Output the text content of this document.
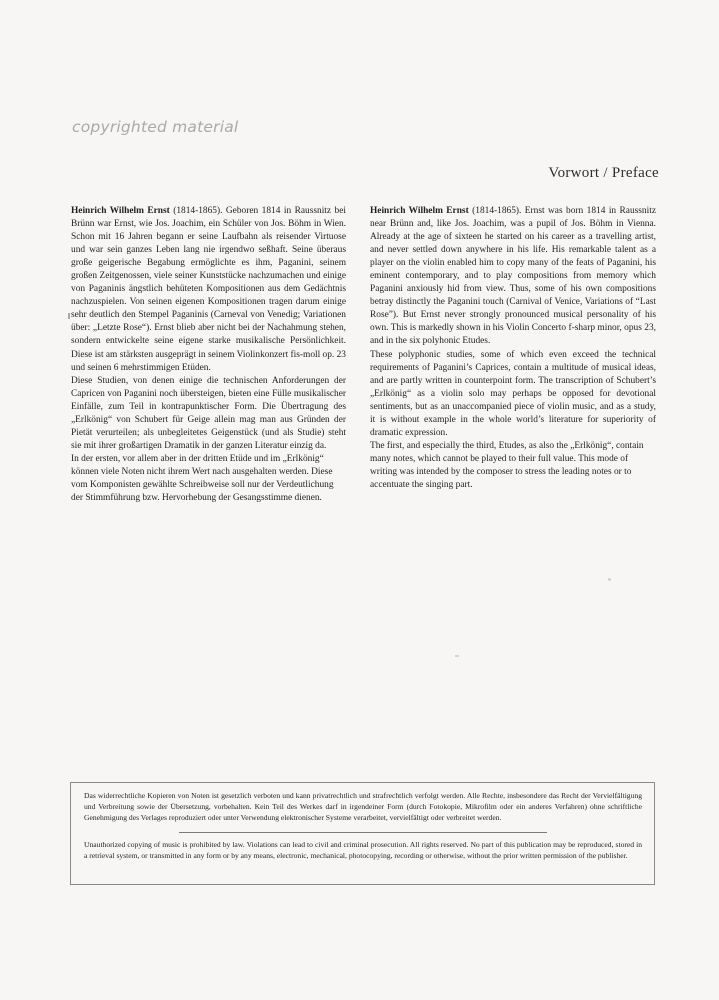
copyrighted material
Vorwort / Preface

Heinrich Wilhelm Ernst (1814-1865). Geboren 1814 in Raussnitz bei Brünn war Ernst, wie Jos. Joachim, ein Schüler von Jos. Böhm in Wien. Schon mit 16 Jahren begann er seine Laufbahn als reisender Virtuose und war sein ganzes Leben lang nie irgendwo seßhaft. Seine überaus große geigerische Begabung ermöglichte es ihm, Paganini, seinem großen Zeitgenossen, viele seiner Kunststücke nachzumachen und einige von Paganinis ängstlich behüteten Kompositionen aus dem Gedächtnis nachzuspielen. Von seinen eigenen Kompositionen tragen darum einige sehr deutlich den Stempel Paganinis (Carneval von Venedig; Variationen über: „Letzte Rose“). Ernst blieb aber nicht bei der Nachahmung stehen, sondern entwickelte seine eigene starke musikalische Persönlichkeit. Diese ist am stärksten ausgeprägt in seinem Violinkonzert fis-moll op. 23 und seinen 6 mehrstimmigen Etüden.

Diese Studien, von denen einige die technischen Anforderungen der Capricen von Paganini noch übersteigen, bieten eine Fülle musikalischer Einfälle, zum Teil in kontrapunktischer Form. Die Übertragung des „Erlkönig“ von Schubert für Geige allein mag man aus Gründen der Pietät verurteilen; als unbegleitetes Geigenstück (und als Studie) steht sie mit ihrer großartigen Dramatik in der ganzen Literatur einzig da.

In der ersten, vor allem aber in der dritten Etüde und im „Erlkönig“ können viele Noten nicht ihrem Wert nach ausgehalten werden. Diese vom Komponisten gewählte Schreibweise soll nur der Verdeutlichung der Stimmführung bzw. Hervorhebung der Gesangsstimme dienen.

Heinrich Wilhelm Ernst (1814-1865). Ernst was born 1814 in Raussnitz near Brünn and, like Jos. Joachim, was a pupil of Jos. Böhm in Vienna. Already at the age of sixteen he started on his career as a travelling artist, and never settled down anywhere in his life. His remarkable talent as a player on the violin enabled him to copy many of the feats of Paganini, his eminent contemporary, and to play compositions from memory which Paganini anxiously hid from view. Thus, some of his own compositions betray distinctly the Paganini touch (Carnival of Venice, Variations of “Last Rose”). But Ernst never strongly pronounced musical personality of his own. This is markedly shown in his Violin Concerto f-sharp minor, opus 23, and in the six polyhonic Etudes.

These polyphonic studies, some of which even exceed the technical requirements of Paganini’s Caprices, contain a multitude of musical ideas, and are partly written in counterpoint form. The transcription of Schubert’s „Erlkönig“ as a violin solo may perhaps be opposed for devotional sentiments, but as an unaccompanied piece of violin music, and as a study, it is without example in the whole world’s literature for superiority of dramatic expression.

The first, and especially the third, Etudes, as also the „Erlkönig“, contain many notes, which cannot be played to their full value. This mode of writing was intended by the composer to stress the leading notes or to accentuate the singing part.

Das widerrechtliche Kopieren von Noten ist gesetzlich verboten und kann privatrechtlich und strafrechtlich verfolgt werden. Alle Rechte, insbesondere das Recht der Vervielfältigung und Verbreitung sowie der Übersetzung, vorbehalten. Kein Teil des Werkes darf in irgendeiner Form (durch Fotokopie, Mikrofilm oder ein anderes Verfahren) ohne schriftliche Genehmigung des Verlages reproduziert oder unter Verwendung elektronischer Systeme verarbeitet, vervielfältigt oder verbreitet werden.
Unauthorized copying of music is prohibited by law. Violations can lead to civil and criminal prosecution. All rights reserved. No part of this publication may be reproduced, stored in a retrieval system, or transmitted in any form or by any means, electronic, mechanical, photocopying, recording or otherwise, without the prior written permission of the publisher.
